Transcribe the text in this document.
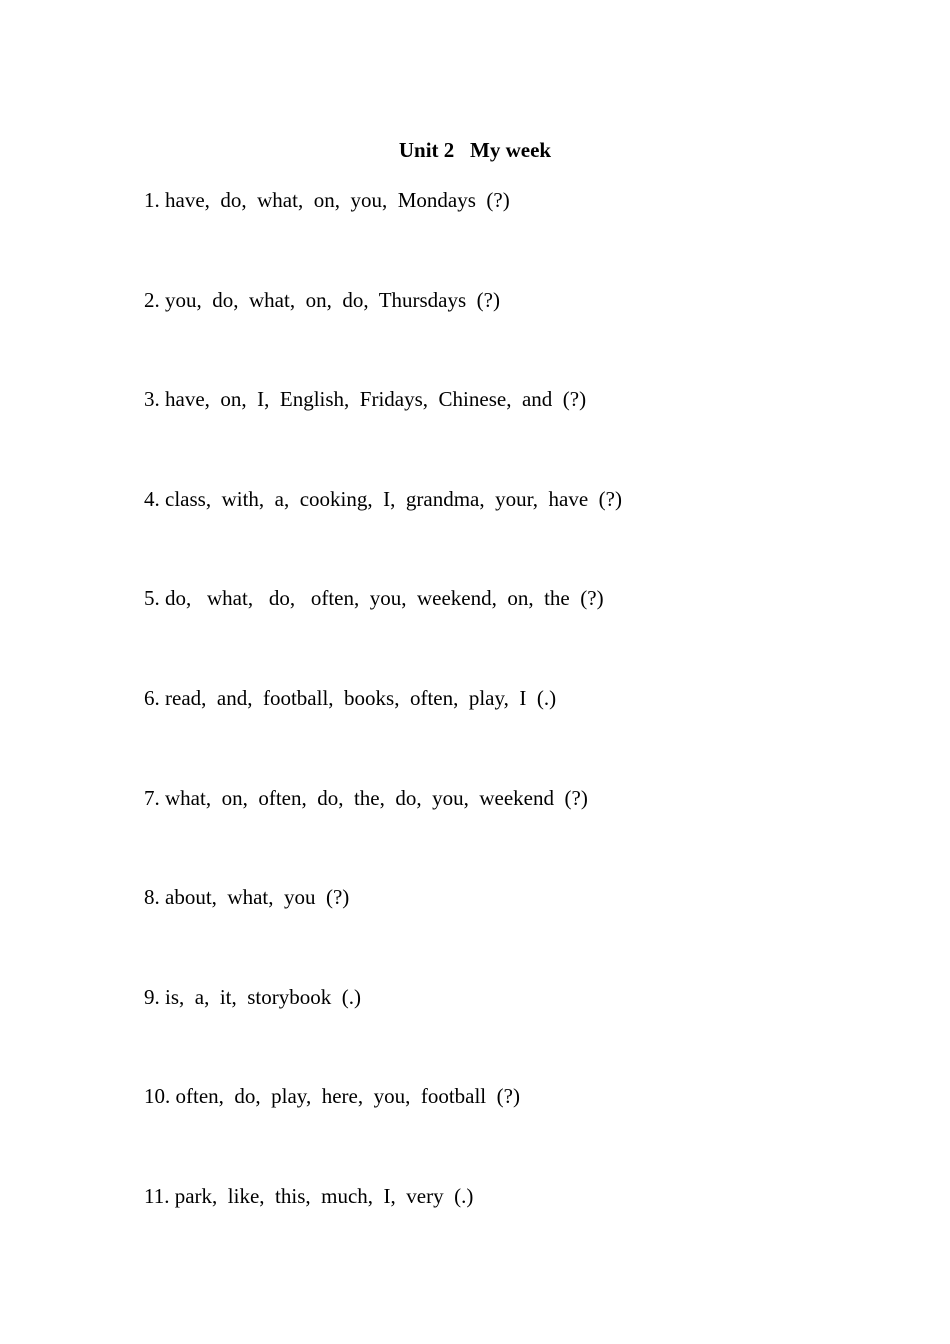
Unit 2   My week
1. have,  do,  what,  on,  you,  Mondays  (?)
2. you,  do,  what,  on,  do,  Thursdays  (?)
3. have,  on,  I,  English,  Fridays,  Chinese,  and  (?)
4. class,  with,  a,  cooking,  I,  grandma,  your,  have  (?)
5. do,   what,   do,   often,  you,  weekend,  on,  the  (?)
6. read,  and,  football,  books,  often,  play,  I  (.)
7. what,  on,  often,  do,  the,  do,  you,  weekend  (?)
8. about,  what,  you  (?)
9. is,  a,  it,  storybook  (.)
10. often,  do,  play,  here,  you,  football  (?)
11. park,  like,  this,  much,  I,  very  (.)
